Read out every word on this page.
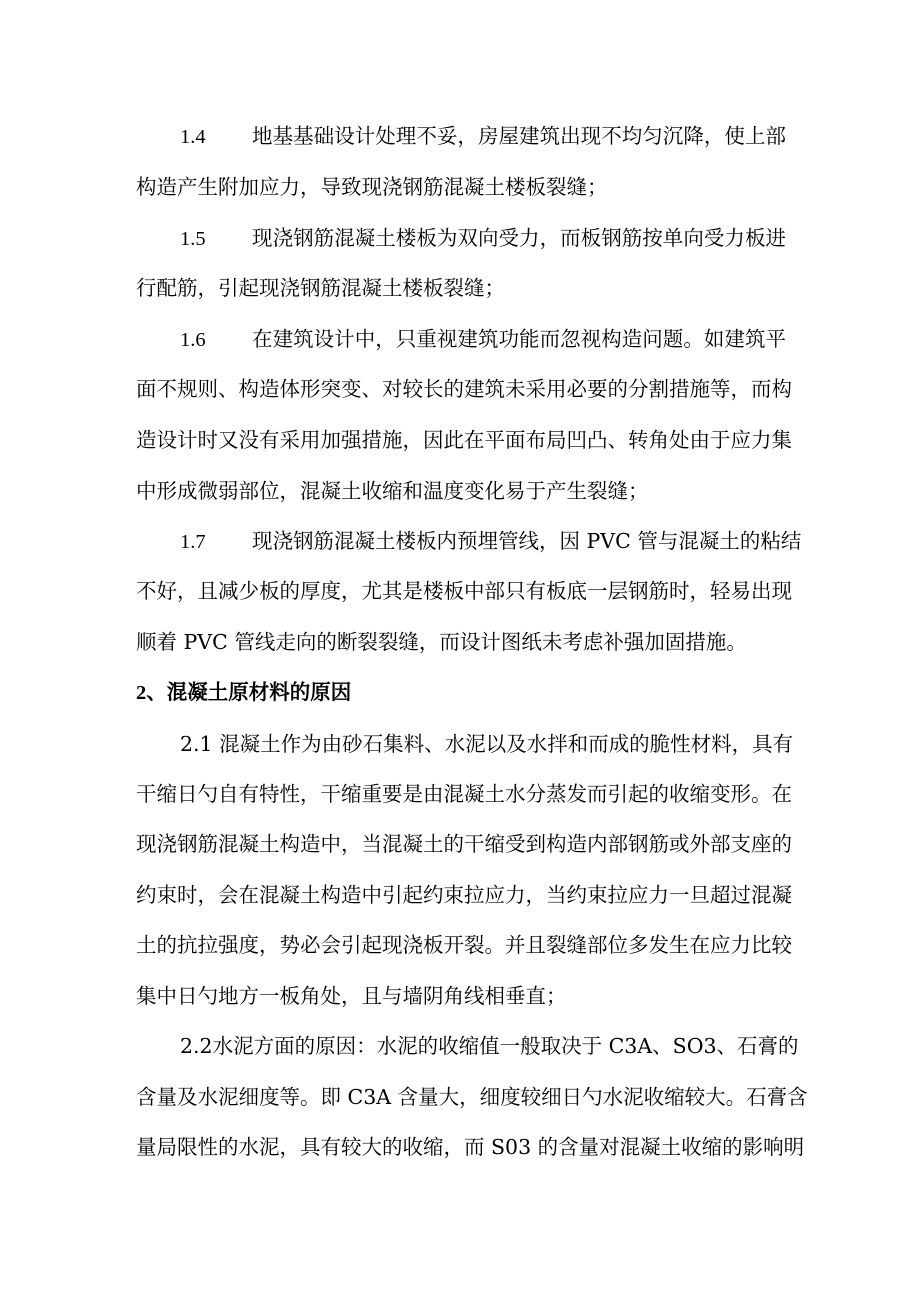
1.4 地基基础设计处理不妥，房屋建筑出现不均匀沉降，使上部
构造产生附加应力，导致现浇钢筋混凝土楼板裂缝；
1.5 现浇钢筋混凝土楼板为双向受力，而板钢筋按单向受力板进
行配筋，引起现浇钢筋混凝土楼板裂缝；
1.6 在建筑设计中，只重视建筑功能而忽视构造问题。如建筑平
面不规则、构造体形突变、对较长的建筑未采用必要的分割措施等，而构
造设计时又没有采用加强措施，因此在平面布局凹凸、转角处由于应力集
中形成微弱部位，混凝土收缩和温度变化易于产生裂缝；
1.7 现浇钢筋混凝土楼板内预埋管线，因 PVC 管与混凝土的粘结
不好，且减少板的厚度，尤其是楼板中部只有板底一层钢筋时，轻易出现
顺着 PVC 管线走向的断裂裂缝，而设计图纸未考虑补强加固措施。
2、混凝土原材料的原因
2.1 混凝土作为由砂石集料、水泥以及水拌和而成的脆性材料，具有
干缩日勺自有特性，干缩重要是由混凝土水分蒸发而引起的收缩变形。在
现浇钢筋混凝土构造中，当混凝土的干缩受到构造内部钢筋或外部支座的
约束时，会在混凝土构造中引起约束拉应力，当约束拉应力一旦超过混凝
土的抗拉强度，势必会引起现浇板开裂。并且裂缝部位多发生在应力比较
集中日勺地方一板角处，且与墙阴角线相垂直；
2.2水泥方面的原因：水泥的收缩值一般取决于 C3A、SO3、石膏的
含量及水泥细度等。即 C3A 含量大，细度较细日勺水泥收缩较大。石膏含
量局限性的水泥，具有较大的收缩，而 S03 的含量对混凝土收缩的影响明
